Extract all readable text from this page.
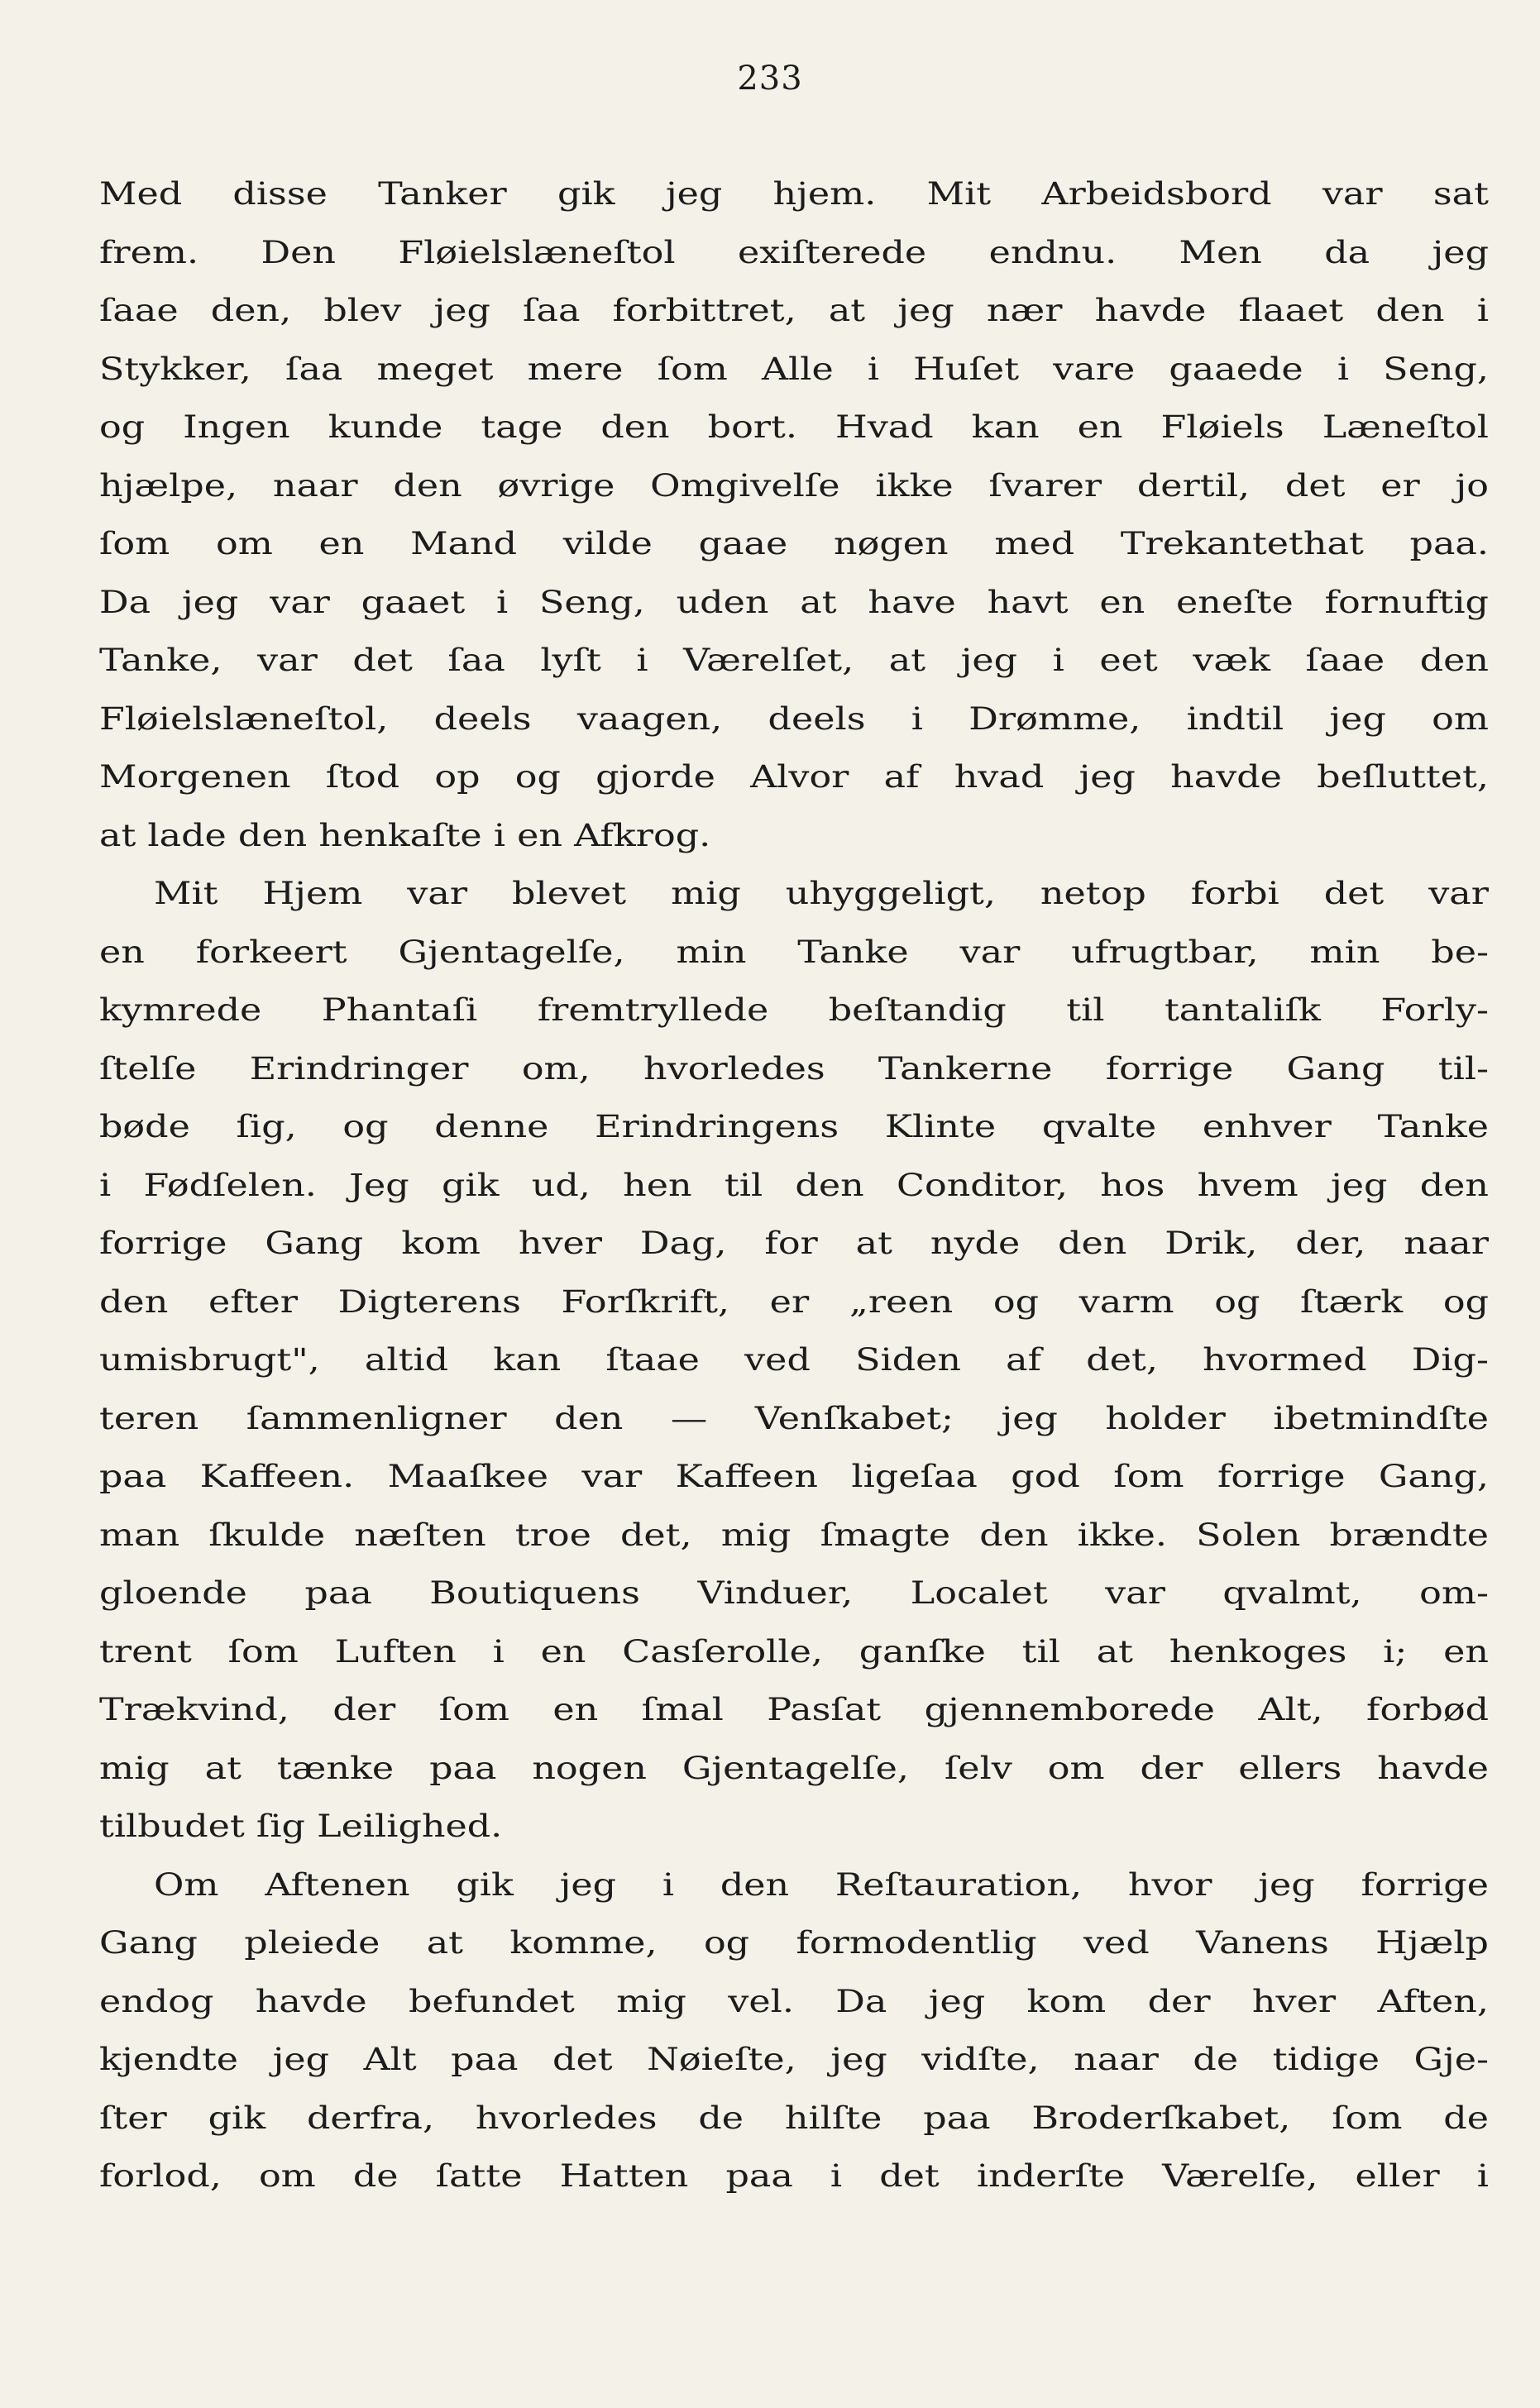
233
Med disse Tanker gik jeg hjem. Mit Arbeidsbord var sat
frem. Den Fløielslæneſtol exiſterede endnu. Men da jeg
ſaae den, blev jeg ſaa forbittret, at jeg nær havde flaaet den i
Stykker, ſaa meget mere ſom Alle i Huſet vare gaaede i Seng,
og Ingen kunde tage den bort. Hvad kan en Fløiels Læneſtol
hjælpe, naar den øvrige Omgivelſe ikke ſvarer dertil, det er jo
ſom om en Mand vilde gaae nøgen med Trekantethat paa.
Da jeg var gaaet i Seng, uden at have havt en eneſte fornuftig
Tanke, var det ſaa lyſt i Værelſet, at jeg i eet væk ſaae den
Fløielslæneſtol, deels vaagen, deels i Drømme, indtil jeg om
Morgenen ſtod op og gjorde Alvor af hvad jeg havde beſluttet,
at lade den henkaſte i en Afkrog.
Mit Hjem var blevet mig uhyggeligt, netop forbi det var
en forkeert Gjentagelſe, min Tanke var ufrugtbar, min be-
kymrede Phantaſi fremtryllede beſtandig til tantaliſk Forly-
ſtelſe Erindringer om, hvorledes Tankerne forrige Gang til-
bøde ſig, og denne Erindringens Klinte qvalte enhver Tanke
i Fødſelen. Jeg gik ud, hen til den Conditor, hos hvem jeg den
forrige Gang kom hver Dag, for at nyde den Drik, der, naar
den efter Digterens Forſkrift, er „reen og varm og ſtærk og
umisbrugt", altid kan ſtaae ved Siden af det, hvormed Dig-
teren ſammenligner den — Venſkabet; jeg holder ibetmindſte
paa Kaffeen. Maaſkee var Kaffeen ligeſaa god ſom forrige Gang,
man ſkulde næſten troe det, mig ſmagte den ikke. Solen brændte
gloende paa Boutiquens Vinduer, Localet var qvalmt, om-
trent ſom Luften i en Casſerolle, ganſke til at henkoges i; en
Trækvind, der ſom en ſmal Pasſat gjennemborede Alt, forbød
mig at tænke paa nogen Gjentagelſe, ſelv om der ellers havde
tilbudet ſig Leilighed.
Om Aftenen gik jeg i den Reſtauration, hvor jeg forrige
Gang pleiede at komme, og formodentlig ved Vanens Hjælp
endog havde befundet mig vel. Da jeg kom der hver Aften,
kjendte jeg Alt paa det Nøieſte, jeg vidſte, naar de tidige Gje-
ſter gik derfra, hvorledes de hilſte paa Broderſkabet, ſom de
forlod, om de ſatte Hatten paa i det inderſte Værelſe, eller i
